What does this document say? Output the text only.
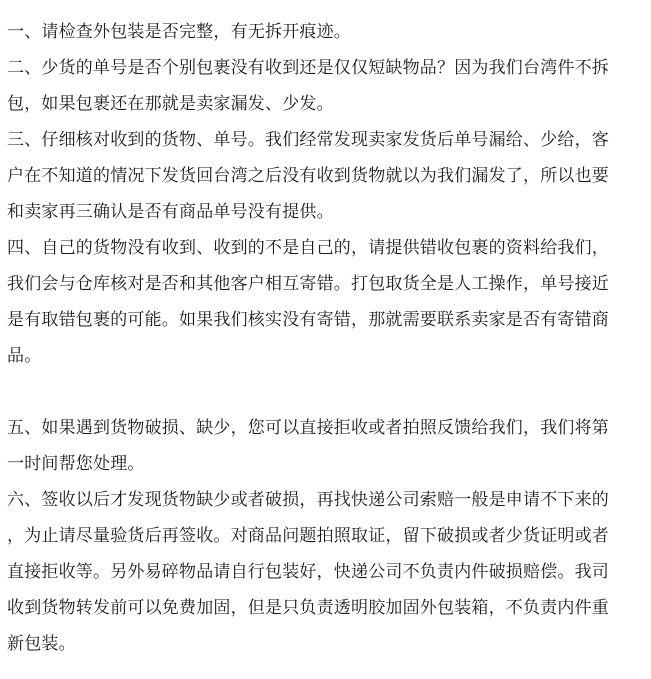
一、请检查外包装是否完整，有无拆开痕迹。
二、少货的单号是否个别包裹没有收到还是仅仅短缺物品？因为我们台湾件不拆
包，如果包裹还在那就是卖家漏发、少发。
三、仔细核对收到的货物、单号。我们经常发现卖家发货后单号漏给、少给，客
户在不知道的情况下发货回台湾之后没有收到货物就以为我们漏发了，所以也要
和卖家再三确认是否有商品单号没有提供。
四、自己的货物没有收到、收到的不是自己的，请提供错收包裹的资料给我们，
我们会与仓库核对是否和其他客户相互寄错。打包取货全是人工操作，单号接近
是有取错包裹的可能。如果我们核实没有寄错，那就需要联系卖家是否有寄错商
品。
五、如果遇到货物破损、缺少，您可以直接拒收或者拍照反馈给我们，我们将第
一时间帮您处理。
六、签收以后才发现货物缺少或者破损，再找快递公司索赔一般是申请不下来的
，为止请尽量验货后再签收。对商品问题拍照取证，留下破损或者少货证明或者
直接拒收等。另外易碎物品请自行包装好，快递公司不负责内件破损赔偿。我司
收到货物转发前可以免费加固，但是只负责透明胶加固外包装箱，不负责内件重
新包装。
